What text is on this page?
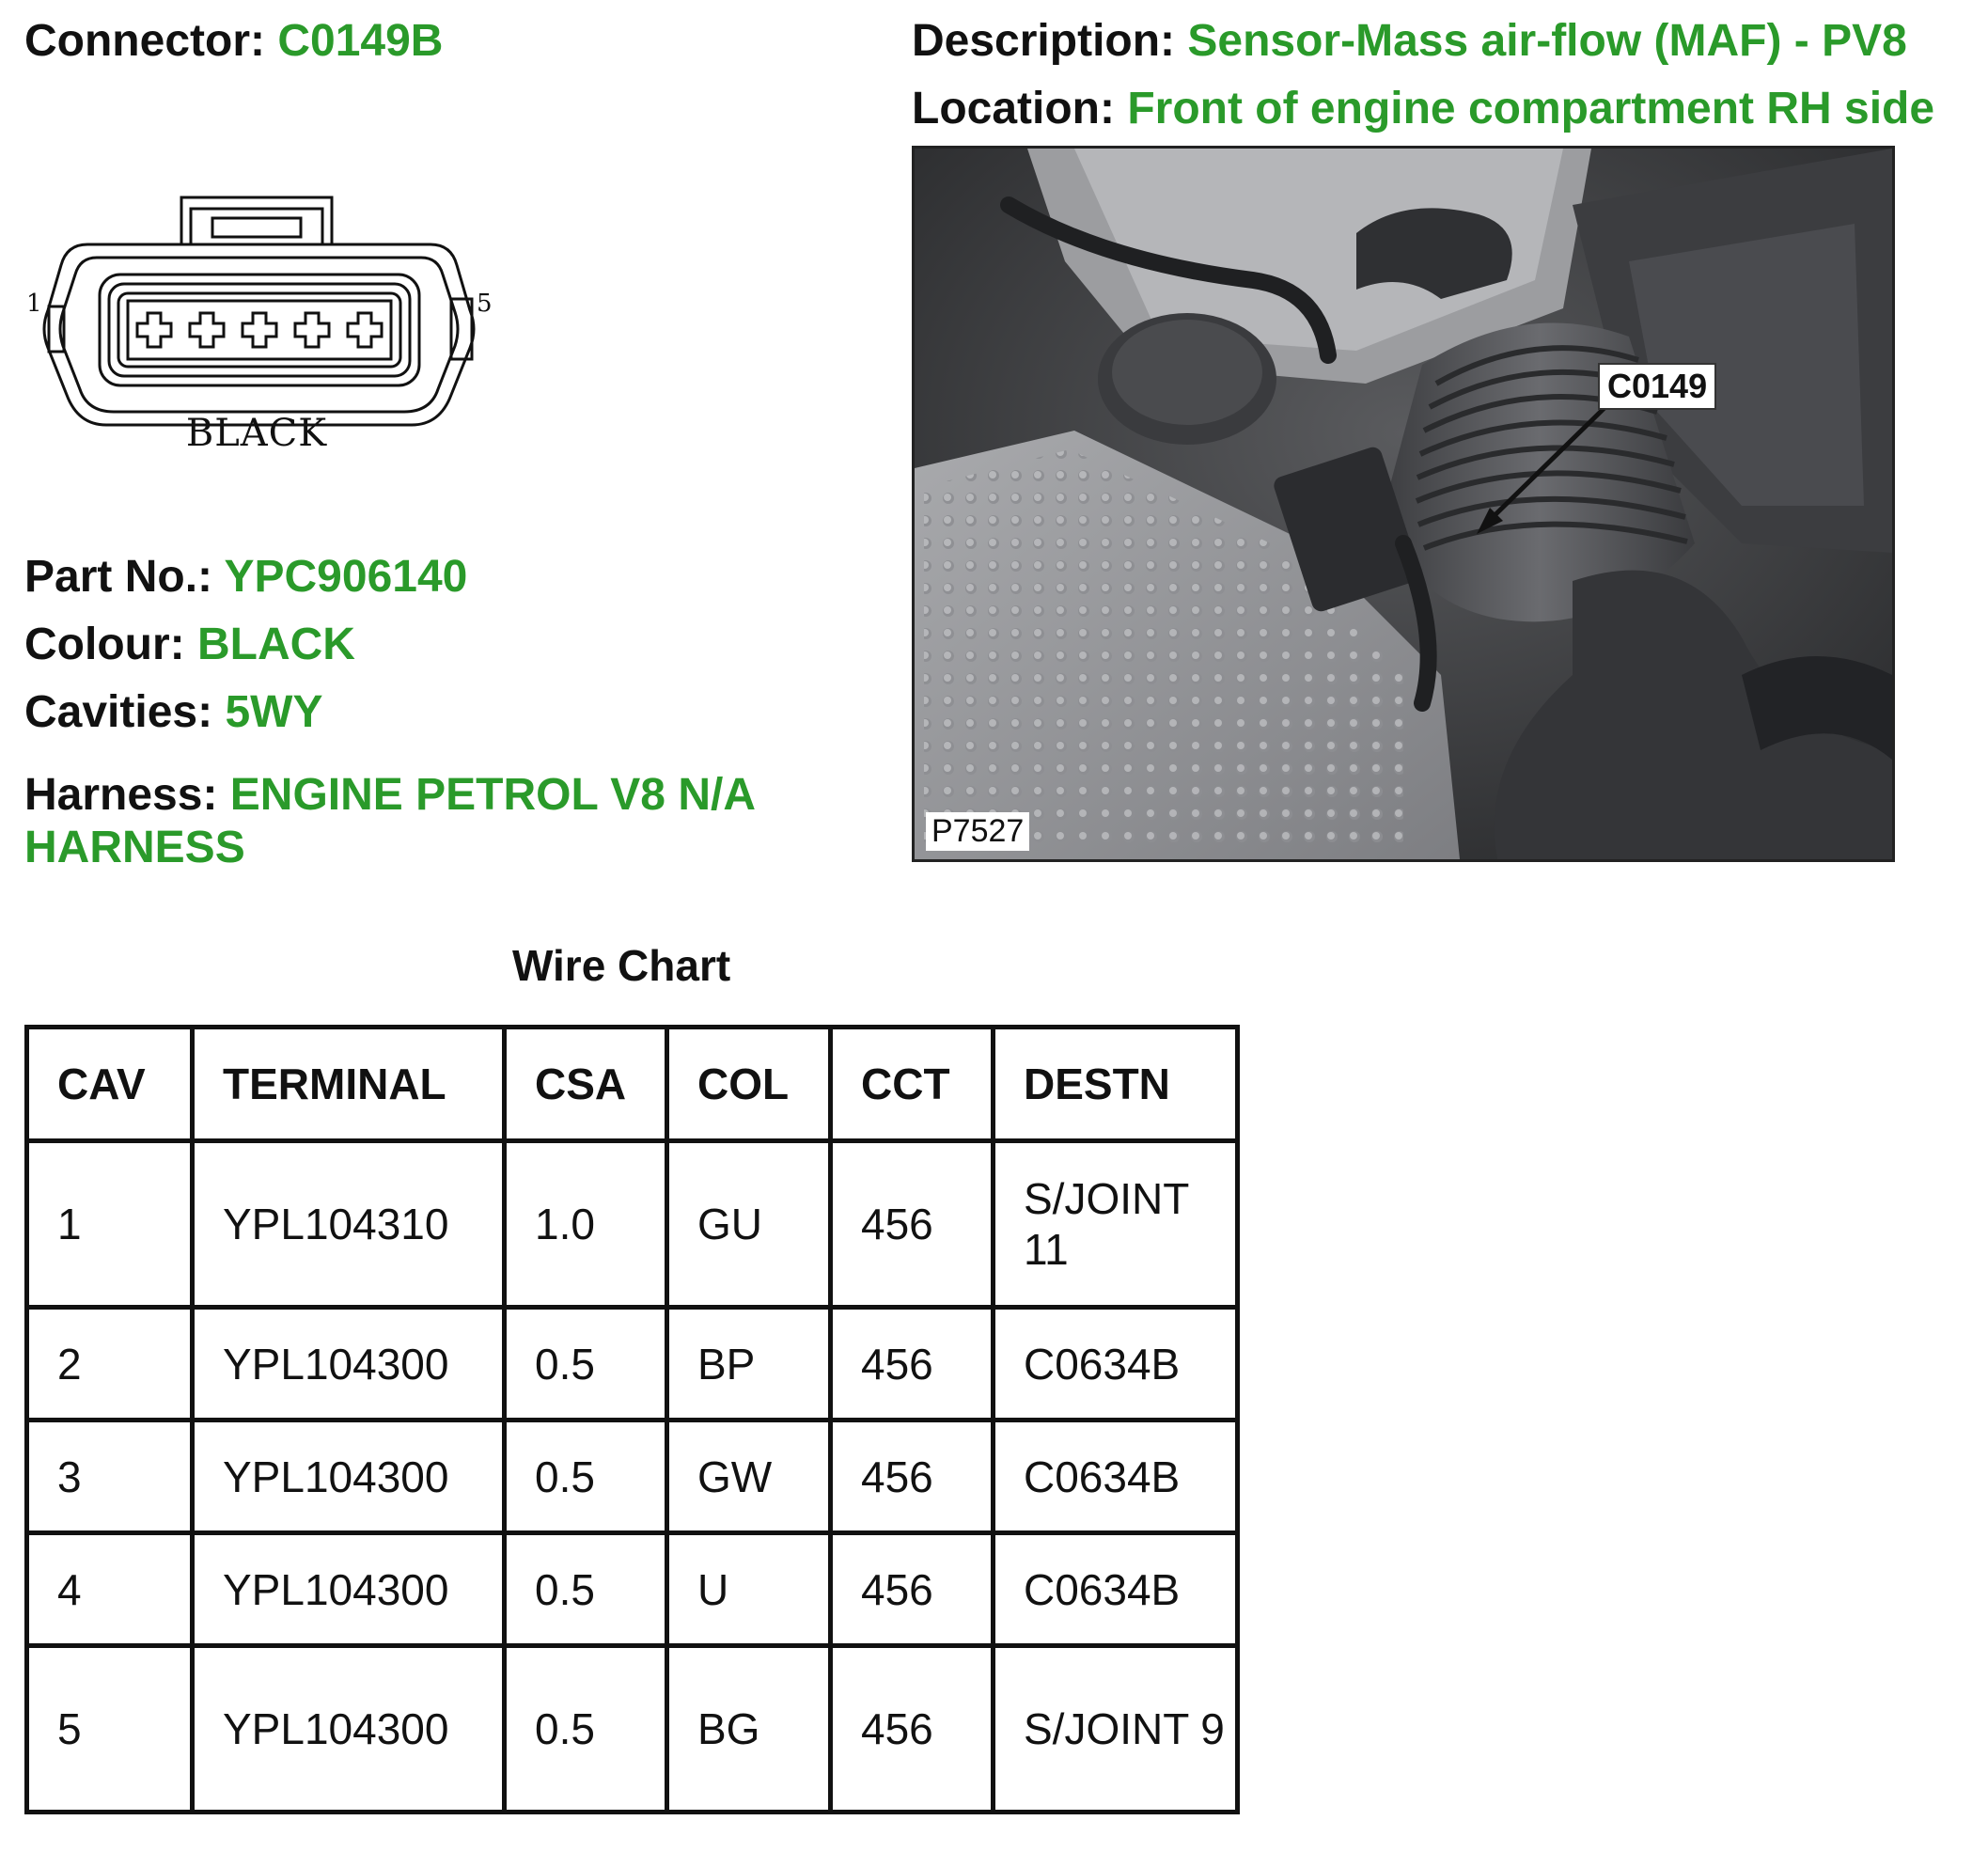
Connector: C0149B	Description: Sensor-Mass air-flow (MAF) - PV8
Location: Front of engine compartment RH side
1	5
BLACK
Part No.: YPC906140
Colour: BLACK
Cavities: 5WY
Harness: ENGINE PETROL V8 N/A HARNESS
C0149
P7527
Wire Chart
CAV	TERMINAL	CSA	COL	CCT	DESTN
1	YPL104310	1.0	GU	456	S/JOINT 11
2	YPL104300	0.5	BP	456	C0634B
3	YPL104300	0.5	GW	456	C0634B
4	YPL104300	0.5	U	456	C0634B
5	YPL104300	0.5	BG	456	S/JOINT 9
